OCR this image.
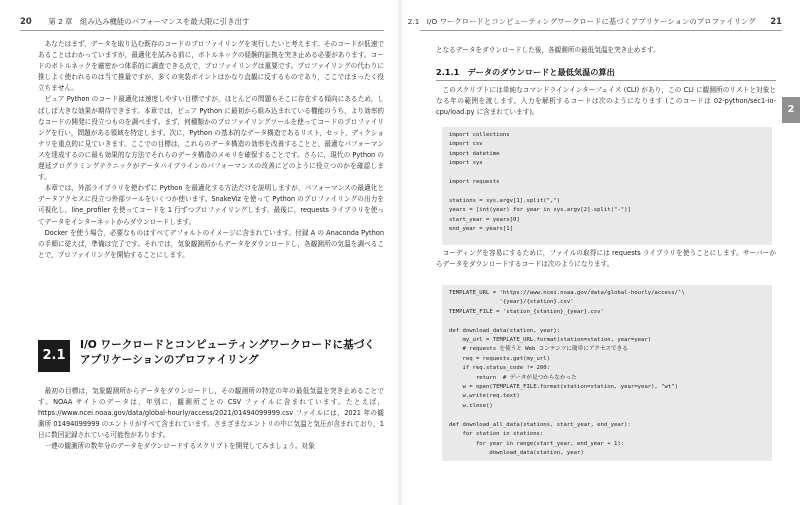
20 第 2 章　組み込み機能のパフォーマンスを最大限に引き出す

あなたはまず，データを取り込む既存のコードのプロファイリングを実行したいと考えます。そのコードが低速であることはわかっていますが，最適化を試みる前に，ボトルネックの経験的証拠を突き止める必要があります。コードのボトルネックを厳密かつ体系的に調査できる点で，プロファイリングは重要です。プロファイリングの代わりに推しよく使われるのは当て推量ですが，多くの実装ポイントはかなり直観に反するものであり，ここではまったく役立ちません。

ピュア Python のコード最適化は速度しやすい目標ですが，ほとんどの問題もそこに存在する傾向にあるため，しばしば大きな効果が期待できます。本章では，ピュア Python に最初から組み込まれている機能のうち，より効率的なコードの開発に役立つものを調べます。まず，何種類かのプロファイリングツールを使ってコードのプロファイリングを行い，問題がある領域を特定します。次に，Python の基本的なデータ構造であるリスト，セット，ディクショナリを重点的に見ていきます。ここでの目標は，これらのデータ構造の効率を改善することと，最適なパフォーマンスを達成するのに最も効果的な方法でそれらのデータ構造のメモリを確保することです。さらに，現代の Python の遅延プログラミングテクニックがデータパイプラインのパフォーマンスの改善にどのように役立つのかを確認します。

本章では，外部ライブラリを使わずに Python を最適化する方法だけを説明しますが，パフォーマンスの最適化とデータアクセスに役立つ外部ツールをいくつか使います。SnakeViz を使って Python のプロファイリングの出力を可視化し，line_profiler を使ってコードを 1 行ずつプロファイリングします。最後に，requests ライブラリを使ってデータをインターネットからダウンロードします。

Docker を使う場合，必要なものはすべてデフォルトのイメージに含まれています。付録 A の Anaconda Python の手順に従えば，準備は完了です。それでは，気象観測所からデータをダウンロードし，各観測所の気温を調べることで，プロファイリングを開始することにします。

2.1
I/O ワークロードとコンピューティングワークロードに基づくアプリケーションのプロファイリング

最初の目標は，気象観測所からデータをダウンロードし，その観測所の特定の年の最低気温を突き止めることです。NOAA サイトのデータは，年別に，観測所ごとの CSV ファイルに含まれています。たとえば，https://www.ncei.noaa.gov/data/global-hourly/access/2021/01494099999.csv ファイルには，2021 年の観測所 01494099999 のエントリがすべて含まれています。さまざまなエントリの中に気温と気圧が含まれており，1 日に数回記録されている可能性があります。

一連の観測所の数年分のデータをダウンロードするスクリプトを開発してみましょう。対象

2.1　I/O ワークロードとコンピューティングワークロードに基づくアプリケーションのプロファイリング 21

となるデータをダウンロードした後，各観測所の最低気温を突き止めます。

2.1.1　データのダウンロードと最低気温の算出

このスクリプトには単純なコマンドラインインターフェイス (CLI) があり，この CLI に観測所のリストと対象となる年の範囲を渡します。入力を解析するコードは次のようになります (このコードは 02-python/sec1-io-cpu/load.py に含まれています)。

import collections
import csv
import datetime
import sys

import requests

stations = sys.argv[1].split(",")
years = [int(year) for year in sys.argv[2].split("-")]
start_year = years[0]
end_year = years[1]

コーディングを容易にするために，ファイルの取得には requests ライブラリを使うことにします。サーバーからデータをダウンロードするコードは次のようになります。

TEMPLATE_URL = 'https://www.ncei.noaa.gov/data/global-hourly/access/'\
'{year}/{station}.csv'
TEMPLATE_FILE = 'station_{station}_{year}.csv'

def download_data(station, year):
my_url = TEMPLATE_URL.format(station=station, year=year)
# requests を使うと Web コンテンツに簡単にアクセスできる
req = requests.get(my_url)
if req.status_code != 200:
return  # データが見つからなかった
w = open(TEMPLATE_FILE.format(station=station, year=year), "wt")
w.write(req.text)
w.close()

def download_all_data(stations, start_year, end_year):
for station in stations:
for year in range(start_year, end_year + 1):
download_data(station, year)
2
